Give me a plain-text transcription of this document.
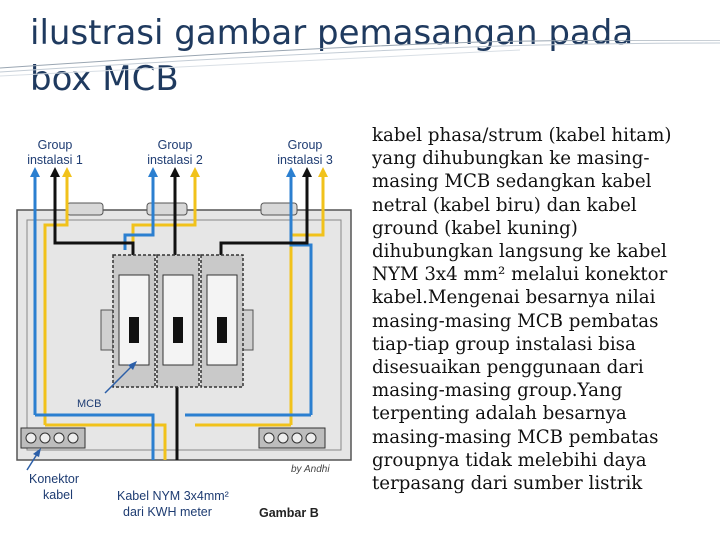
ilustrasi gambar pemasangan pada
box MCB
Group
instalasi 1
Group
instalasi 2
Group
instalasi 3
MCB
Konektor
kabel	Kabel NYM 3x4mm²
dari KWH meter
by Andhi
Gambar B

kabel phasa/strum (kabel hitam)
yang dihubungkan ke masing-
masing MCB sedangkan kabel
netral (kabel biru) dan kabel
ground (kabel kuning)
dihubungkan langsung ke kabel
NYM 3x4 mm² melalui konektor
kabel.Mengenai besarnya nilai
masing-masing MCB pembatas
tiap-tiap group instalasi bisa
disesuaikan penggunaan dari
masing-masing group.Yang
terpenting adalah besarnya
masing-masing MCB pembatas
groupnya tidak melebihi daya
terpasang dari sumber listrik
